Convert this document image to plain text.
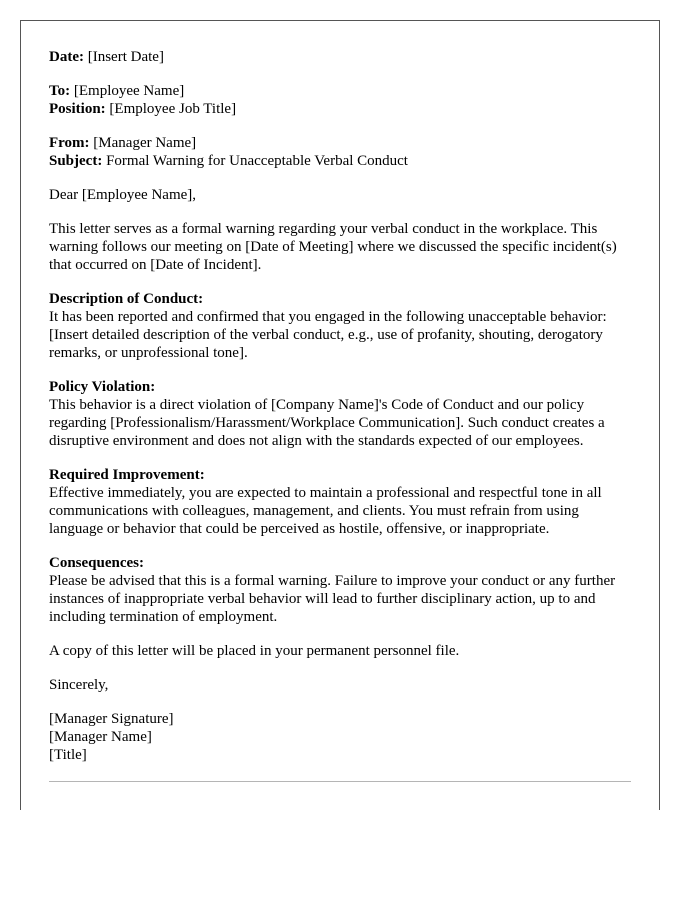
Date: [Insert Date]
To: [Employee Name]
Position: [Employee Job Title]
From: [Manager Name]
Subject: Formal Warning for Unacceptable Verbal Conduct

Dear [Employee Name],

This letter serves as a formal warning regarding your verbal conduct in the workplace. This warning follows our meeting on [Date of Meeting] where we discussed the specific incident(s) that occurred on [Date of Incident].

Description of Conduct:
It has been reported and confirmed that you engaged in the following unacceptable behavior: [Insert detailed description of the verbal conduct, e.g., use of profanity, shouting, derogatory remarks, or unprofessional tone].
Policy Violation:
This behavior is a direct violation of [Company Name]'s Code of Conduct and our policy regarding [Professionalism/Harassment/Workplace Communication]. Such conduct creates a disruptive environment and does not align with the standards expected of our employees.
Required Improvement:
Effective immediately, you are expected to maintain a professional and respectful tone in all communications with colleagues, management, and clients. You must refrain from using language or behavior that could be perceived as hostile, offensive, or inappropriate.
Consequences:
Please be advised that this is a formal warning. Failure to improve your conduct or any further instances of inappropriate verbal behavior will lead to further disciplinary action, up to and including termination of employment.

A copy of this letter will be placed in your permanent personnel file.

Sincerely,

[Manager Signature]
[Manager Name]
[Title]
